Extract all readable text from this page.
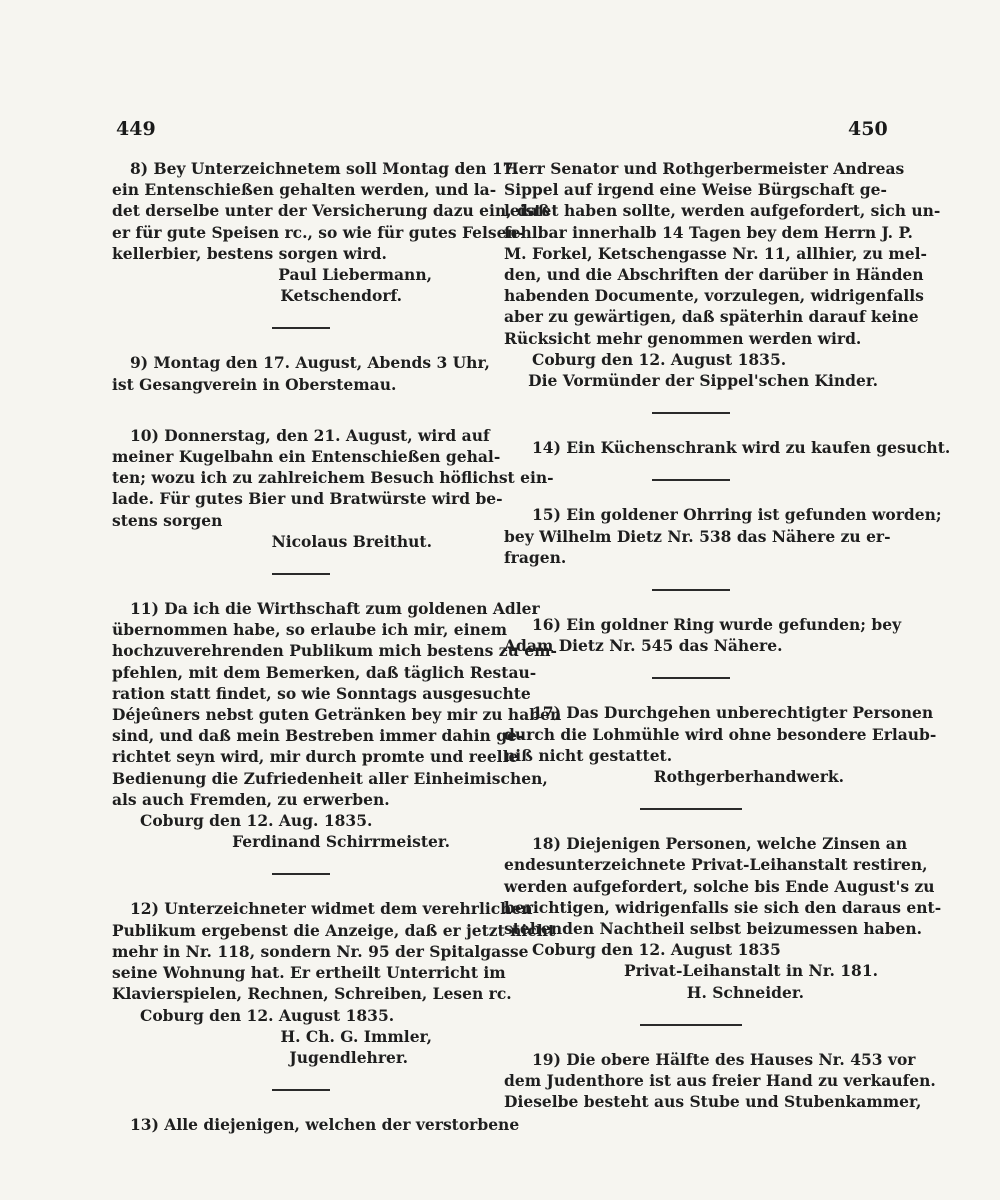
449	450
8) Bey Unterzeichnetem soll Montag den 17.
ein Entenschießen gehalten werden, und la-
det derselbe unter der Versicherung dazu ein, daß
er für gute Speisen rc., so wie für gutes Felsen-
kellerbier, bestens sorgen wird.
Paul Liebermann,
Ketschendorf.
9) Montag den 17. August, Abends 3 Uhr,
ist Gesangverein in Oberstemau.
10) Donnerstag, den 21. August, wird auf
meiner Kugelbahn ein Entenschießen gehal-
ten; wozu ich zu zahlreichem Besuch höflichst ein-
lade. Für gutes Bier und Bratwürste wird be-
stens sorgen
Nicolaus Breithut.
11) Da ich die Wirthschaft zum goldenen Adler
übernommen habe, so erlaube ich mir, einem
hochzuverehrenden Publikum mich bestens zu em-
pfehlen, mit dem Bemerken, daß täglich Restau-
ration statt findet, so wie Sonntags ausgesuchte
Déjeûners nebst guten Getränken bey mir zu haben
sind, und daß mein Bestreben immer dahin ge-
richtet seyn wird, mir durch promte und reelle
Bedienung die Zufriedenheit aller Einheimischen,
als auch Fremden, zu erwerben.
Coburg den 12. Aug. 1835.
Ferdinand Schirrmeister.
12) Unterzeichneter widmet dem verehrlichen
Publikum ergebenst die Anzeige, daß er jetzt nicht
mehr in Nr. 118, sondern Nr. 95 der Spitalgasse
seine Wohnung hat. Er ertheilt Unterricht im
Klavierspielen, Rechnen, Schreiben, Lesen rc.
Coburg den 12. August 1835.
H. Ch. G. Immler,
Jugendlehrer.
13) Alle diejenigen, welchen der verstorbene
Herr Senator und Rothgerbermeister Andreas
Sippel auf irgend eine Weise Bürgschaft ge-
leistet haben sollte, werden aufgefordert, sich un-
fehlbar innerhalb 14 Tagen bey dem Herrn J. P.
M. Forkel, Ketschengasse Nr. 11, allhier, zu mel-
den, und die Abschriften der darüber in Händen
habenden Documente, vorzulegen, widrigenfalls
aber zu gewärtigen, daß späterhin darauf keine
Rücksicht mehr genommen werden wird.
Coburg den 12. August 1835.
Die Vormünder der Sippel'schen Kinder.
14) Ein Küchenschrank wird zu kaufen gesucht.
15) Ein goldener Ohrring ist gefunden worden;
bey Wilhelm Dietz Nr. 538 das Nähere zu er-
fragen.
16) Ein goldner Ring wurde gefunden; bey
Adam Dietz Nr. 545 das Nähere.
17) Das Durchgehen unberechtigter Personen
durch die Lohmühle wird ohne besondere Erlaub-
niß nicht gestattet.
Rothgerberhandwerk.
18) Diejenigen Personen, welche Zinsen an
endesunterzeichnete Privat-Leihanstalt restiren,
werden aufgefordert, solche bis Ende August's zu
berichtigen, widrigenfalls sie sich den daraus ent-
stehenden Nachtheil selbst beizumessen haben.
Coburg den 12. August 1835
Privat-Leihanstalt in Nr. 181.
H. Schneider.
19) Die obere Hälfte des Hauses Nr. 453 vor
dem Judenthore ist aus freier Hand zu verkaufen.
Dieselbe besteht aus Stube und Stubenkammer,
